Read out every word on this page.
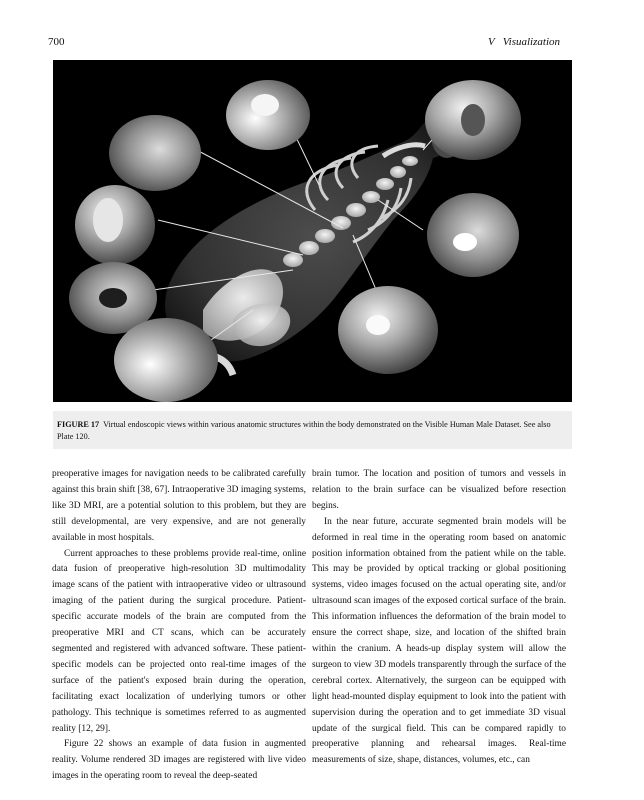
700	V   Visualization
FIGURE 17 Virtual endoscopic views within various anatomic structures within the body demonstrated on the Visible Human Male Dataset. See also Plate 120.

preoperative images for navigation needs to be calibrated carefully against this brain shift [38, 67]. Intraoperative 3D imaging systems, like 3D MRI, are a potential solution to this problem, but they are still developmental, are very expensive, and are not generally available in most hospitals.

Current approaches to these problems provide real-time, online data fusion of preoperative high-resolution 3D multimodality image scans of the patient with intraoperative video or ultrasound imaging of the patient during the surgical procedure. Patient-specific accurate models of the brain are computed from the preoperative MRI and CT scans, which can be accurately segmented and registered with advanced software. These patient-specific models can be projected onto real-time images of the surface of the patient's exposed brain during the operation, facilitating exact localization of underlying tumors or other pathology. This technique is sometimes referred to as augmented reality [12, 29].

Figure 22 shows an example of data fusion in augmented reality. Volume rendered 3D images are registered with live video images in the operating room to reveal the deep-seated

brain tumor. The location and position of tumors and vessels in relation to the brain surface can be visualized before resection begins.

In the near future, accurate segmented brain models will be deformed in real time in the operating room based on anatomic position information obtained from the patient while on the table. This may be provided by optical tracking or global positioning systems, video images focused on the actual operating site, and/or ultrasound scan images of the exposed cortical surface of the brain. This information influences the deformation of the brain model to ensure the correct shape, size, and location of the shifted brain within the cranium. A heads-up display system will allow the surgeon to view 3D models transparently through the surface of the cerebral cortex. Alternatively, the surgeon can be equipped with light head-mounted display equipment to look into the patient with supervision during the operation and to get immediate 3D visual update of the surgical field. This can be compared rapidly to preoperative planning and rehearsal images. Real-time measurements of size, shape, distances, volumes, etc., can
